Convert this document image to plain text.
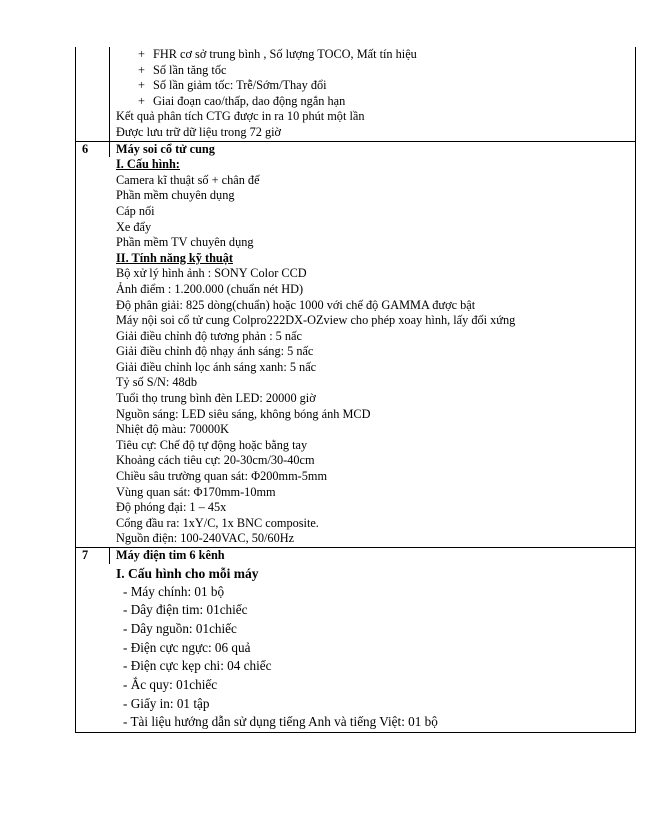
+ FHR cơ sở trung bình , Số lượng TOCO, Mất tín hiệu
+ Số lần tăng tốc
+ Số lần giảm tốc: Trễ/Sớm/Thay đổi
+ Giai đoạn cao/thấp, dao động ngắn hạn
Kết quả phân tích CTG được in ra 10 phút một lần
Được lưu trữ dữ liệu trong 72 giờ
6	Máy soi cổ tử cung
I. Cấu hình:
Camera kĩ thuật số + chân đế
Phần mềm chuyên dụng
Cáp nối
Xe đẩy
Phần mềm TV chuyên dụng
II. Tính năng kỹ thuật
Bộ xử lý hình ảnh : SONY Color CCD
Ảnh điểm : 1.200.000 (chuẩn nét HD)
Độ phân giải: 825 dòng(chuẩn) hoặc 1000 với chế độ GAMMA được bật
Máy nội soi cổ tử cung Colpro222DX-OZview cho phép xoay hình, lấy đối xứng
Giải điều chỉnh độ tương phản : 5 nấc
Giải điều chỉnh độ nhạy ánh sáng: 5 nấc
Giải điều chỉnh lọc ánh sáng xanh: 5 nấc
Tỷ số S/N: 48db
Tuổi thọ trung bình đèn LED: 20000 giờ
Nguồn sáng: LED siêu sáng, không bóng ánh MCD
Nhiệt độ màu: 70000K
Tiêu cự: Chế độ tự động hoặc bằng tay
Khoảng cách tiêu cự: 20-30cm/30-40cm
Chiều sâu trường quan sát: Φ200mm-5mm
Vùng quan sát: Φ170mm-10mm
Độ phóng đại: 1 – 45x
Cổng đầu ra: 1xY/C, 1x BNC composite.
Nguồn điện: 100-240VAC, 50/60Hz
7	Máy điện tim 6 kênh
I. Cấu hình cho mỗi máy
- Máy chính: 01 bộ
- Dây điện tim: 01chiếc
- Dây nguồn: 01chiếc
- Điện cực ngực: 06 quả
- Điện cực kẹp chi: 04 chiếc
- Ắc quy: 01chiếc
- Giấy in: 01 tập
- Tài liệu hướng dẫn sử dụng tiếng Anh và tiếng Việt: 01 bộ
